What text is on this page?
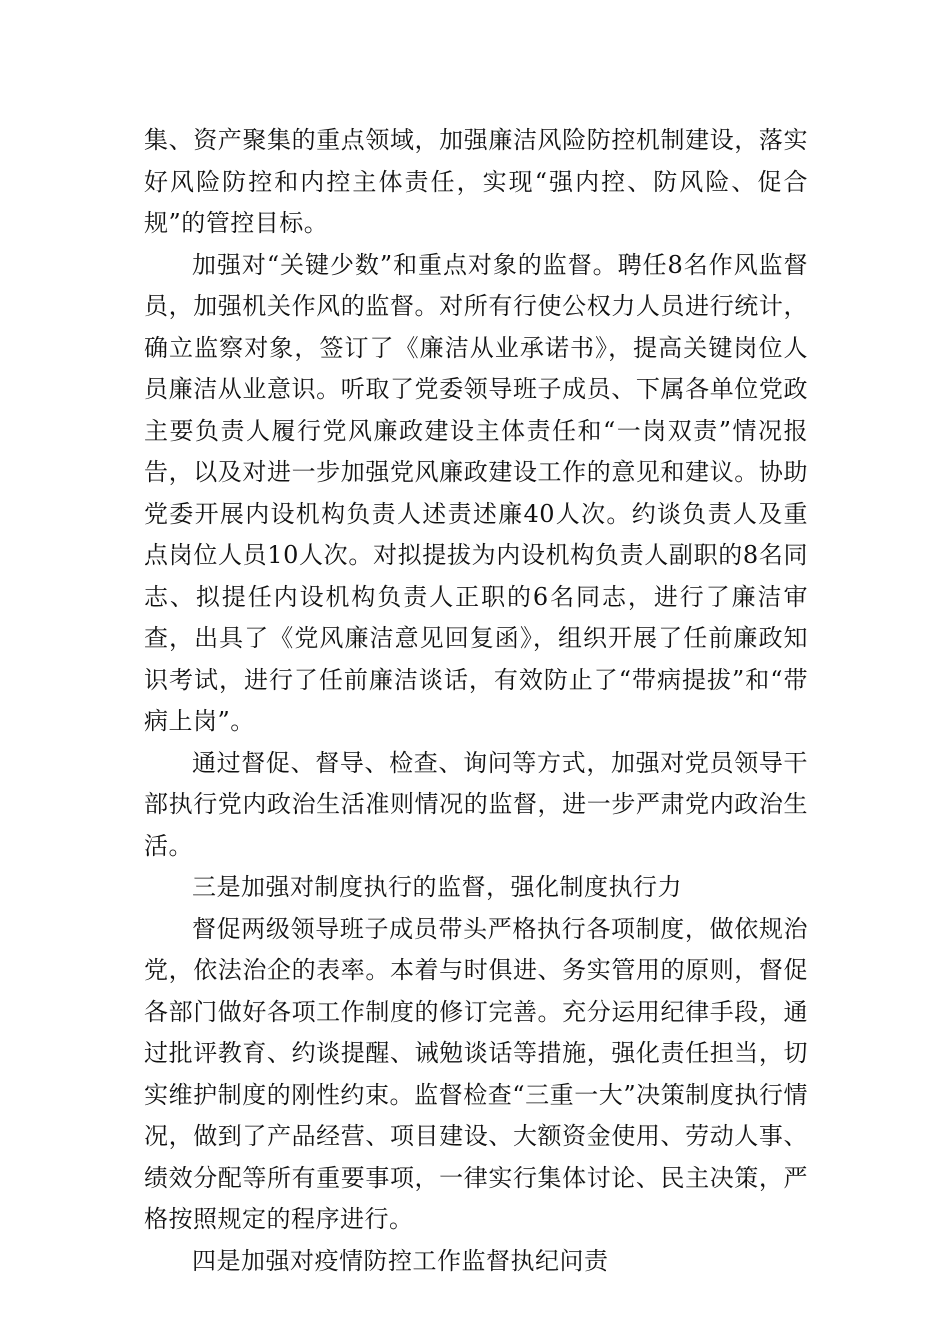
集、资产聚集的重点领域，加强廉洁风险防控机制建设，落实好风险防控和内控主体责任，实现“强内控、防风险、促合规”的管控目标。

加强对“关键少数”和重点对象的监督。聘任8名作风监督员，加强机关作风的监督。对所有行使公权力人员进行统计，确立监察对象，签订了《廉洁从业承诺书》，提高关键岗位人员廉洁从业意识。听取了党委领导班子成员、下属各单位党政主要负责人履行党风廉政建设主体责任和“一岗双责”情况报告，以及对进一步加强党风廉政建设工作的意见和建议。协助党委开展内设机构负责人述责述廉40人次。约谈负责人及重点岗位人员10人次。对拟提拔为内设机构负责人副职的8名同志、拟提任内设机构负责人正职的6名同志，进行了廉洁审查，出具了《党风廉洁意见回复函》，组织开展了任前廉政知识考试，进行了任前廉洁谈话，有效防止了“带病提拔”和“带病上岗”。

通过督促、督导、检查、询问等方式，加强对党员领导干部执行党内政治生活准则情况的监督，进一步严肃党内政治生活。

三是加强对制度执行的监督，强化制度执行力

督促两级领导班子成员带头严格执行各项制度，做依规治党，依法治企的表率。本着与时俱进、务实管用的原则，督促各部门做好各项工作制度的修订完善。充分运用纪律手段，通过批评教育、约谈提醒、诫勉谈话等措施，强化责任担当，切实维护制度的刚性约束。监督检查“三重一大”决策制度执行情况，做到了产品经营、项目建设、大额资金使用、劳动人事、绩效分配等所有重要事项，一律实行集体讨论、民主决策，严格按照规定的程序进行。

四是加强对疫情防控工作监督执纪问责
